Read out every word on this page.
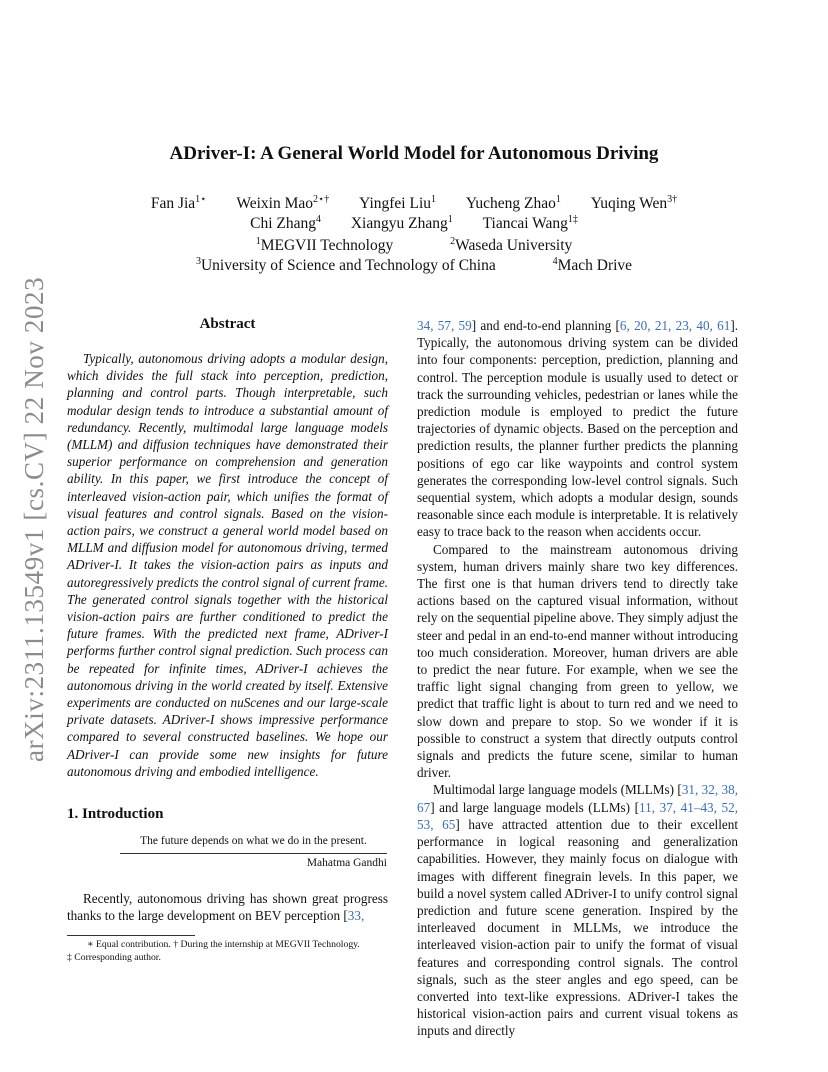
arXiv:2311.13549v1 [cs.CV] 22 Nov 2023
ADriver-I: A General World Model for Autonomous Driving
Fan Jia$^{1⋆}$ Weixin Mao$^{2⋆\dagger}$ Yingfei Liu$^1$ Yucheng Zhao$^1$ Yuqing Wen$^{3\dagger}$
Chi Zhang$^4$ Xiangyu Zhang$^1$ Tiancai Wang$^{1\ddagger}$
$^1$MEGVII Technology	$^2$Waseda University
$^3$University of Science and Technology of China	$^4$Mach Drive
Abstract

Typically, autonomous driving adopts a modular design, which divides the full stack into perception, prediction, planning and control parts. Though interpretable, such modular design tends to introduce a substantial amount of redundancy. Recently, multimodal large language models (MLLM) and diffusion techniques have demonstrated their superior performance on comprehension and generation ability. In this paper, we first introduce the concept of interleaved vision-action pair, which unifies the format of visual features and control signals. Based on the vision-action pairs, we construct a general world model based on MLLM and diffusion model for autonomous driving, termed ADriver-I. It takes the vision-action pairs as inputs and autoregressively predicts the control signal of current frame. The generated control signals together with the historical vision-action pairs are further conditioned to predict the future frames. With the predicted next frame, ADriver-I performs further control signal prediction. Such process can be repeated for infinite times, ADriver-I achieves the autonomous driving in the world created by itself. Extensive experiments are conducted on nuScenes and our large-scale private datasets. ADriver-I shows impressive performance compared to several constructed baselines. We hope our ADriver-I can provide some new insights for future autonomous driving and embodied intelligence.

1. Introduction
The future depends on what we do in the present.
Mahatma Gandhi

Recently, autonomous driving has shown great progress thanks to the large development on BEV perception [33,

∗ Equal contribution. † During the internship at MEGVII Technology.
‡ Corresponding author.

34, 57, 59] and end-to-end planning [6, 20, 21, 23, 40, 61]. Typically, the autonomous driving system can be divided into four components: perception, prediction, planning and control. The perception module is usually used to detect or track the surrounding vehicles, pedestrian or lanes while the prediction module is employed to predict the future trajectories of dynamic objects. Based on the perception and prediction results, the planner further predicts the planning positions of ego car like waypoints and control system generates the corresponding low-level control signals. Such sequential system, which adopts a modular design, sounds reasonable since each module is interpretable. It is relatively easy to trace back to the reason when accidents occur.

Compared to the mainstream autonomous driving system, human drivers mainly share two key differences. The first one is that human drivers tend to directly take actions based on the captured visual information, without rely on the sequential pipeline above. They simply adjust the steer and pedal in an end-to-end manner without introducing too much consideration. Moreover, human drivers are able to predict the near future. For example, when we see the traffic light signal changing from green to yellow, we predict that traffic light is about to turn red and we need to slow down and prepare to stop. So we wonder if it is possible to construct a system that directly outputs control signals and predicts the future scene, similar to human driver.

Multimodal large language models (MLLMs) [31, 32, 38, 67] and large language models (LLMs) [11, 37, 41–43, 52, 53, 65] have attracted attention due to their excellent performance in logical reasoning and generalization capabilities. However, they mainly focus on dialogue with images with different finegrain levels. In this paper, we build a novel system called ADriver-I to unify control signal prediction and future scene generation. Inspired by the interleaved document in MLLMs, we introduce the interleaved vision-action pair to unify the format of visual features and corresponding control signals. The control signals, such as the steer angles and ego speed, can be converted into text-like expressions. ADriver-I takes the historical vision-action pairs and current visual tokens as inputs and directly
